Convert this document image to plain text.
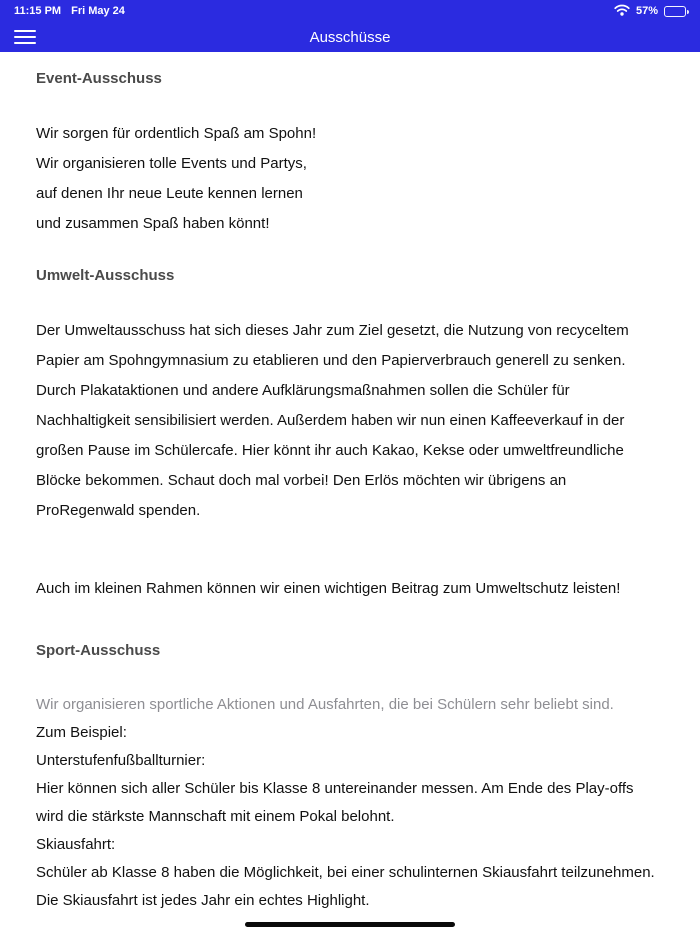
11:15 PM Fri May 24	57%
Ausschüsse
Event-Ausschuss
Wir sorgen für ordentlich Spaß am Spohn!
Wir organisieren tolle Events und Partys,
auf denen Ihr neue Leute kennen lernen
und zusammen Spaß haben könnt!
Umwelt-Ausschuss
Der Umweltausschuss hat sich dieses Jahr zum Ziel gesetzt, die Nutzung von recyceltem Papier am Spohngymnasium zu etablieren und den Papierverbrauch generell zu senken. Durch Plakataktionen und andere Aufklärungsmaßnahmen sollen die Schüler für Nachhaltigkeit sensibilisiert werden. Außerdem haben wir nun einen Kaffeeverkauf in der großen Pause im Schülercafe. Hier könnt ihr auch Kakao, Kekse oder umweltfreundliche Blöcke bekommen. Schaut doch mal vorbei! Den Erlös möchten wir übrigens an ProRegenwald spenden.
Auch im kleinen Rahmen können wir einen wichtigen Beitrag zum Umweltschutz leisten!
Sport-Ausschuss
Wir organisieren sportliche Aktionen und Ausfahrten, die bei Schülern sehr beliebt sind.
Zum Beispiel:
Unterstufenfußballturnier:
Hier können sich aller Schüler bis Klasse 8 untereinander messen. Am Ende des Play-offs wird die stärkste Mannschaft mit einem Pokal belohnt.
Skiausfahrt:
Schüler ab Klasse 8 haben die Möglichkeit, bei einer schulinternen Skiausfahrt teilzunehmen. Die Skiausfahrt ist jedes Jahr ein echtes Highlight.
